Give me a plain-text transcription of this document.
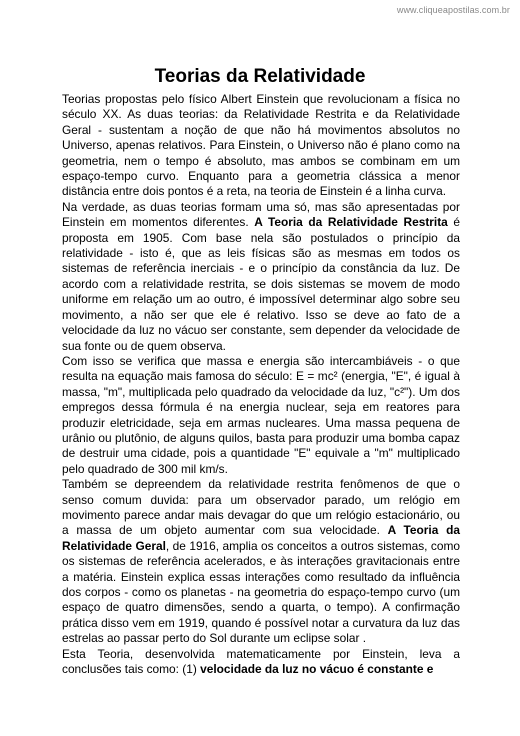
www.cliqueapostilas.com.br
Teorias da Relatividade

Teorias propostas pelo físico Albert Einstein que revolucionam a física no século XX. As duas teorias: da Relatividade Restrita e da Relatividade Geral - sustentam a noção de que não há movimentos absolutos no Universo, apenas relativos. Para Einstein, o Universo não é plano como na geometria, nem o tempo é absoluto, mas ambos se combinam em um espaço-tempo curvo. Enquanto para a geometria clássica a menor distância entre dois pontos é a reta, na teoria de Einstein é a linha curva.

Na verdade, as duas teorias formam uma só, mas são apresentadas por Einstein em momentos diferentes. A Teoria da Relatividade Restrita é proposta em 1905. Com base nela são postulados o princípio da relatividade - isto é, que as leis físicas são as mesmas em todos os sistemas de referência inerciais - e o princípio da constância da luz. De acordo com a relatividade restrita, se dois sistemas se movem de modo uniforme em relação um ao outro, é impossível determinar algo sobre seu movimento, a não ser que ele é relativo. Isso se deve ao fato de a velocidade da luz no vácuo ser constante, sem depender da velocidade de sua fonte ou de quem observa.

Com isso se verifica que massa e energia são intercambiáveis - o que resulta na equação mais famosa do século: E = mc² (energia, "E", é igual à massa, "m", multiplicada pelo quadrado da velocidade da luz, "c²"). Um dos empregos dessa fórmula é na energia nuclear, seja em reatores para produzir eletricidade, seja em armas nucleares. Uma massa pequena de urânio ou plutônio, de alguns quilos, basta para produzir uma bomba capaz de destruir uma cidade, pois a quantidade "E" equivale a "m" multiplicado pelo quadrado de 300 mil km/s.

Também se depreendem da relatividade restrita fenômenos de que o senso comum duvida: para um observador parado, um relógio em movimento parece andar mais devagar do que um relógio estacionário, ou a massa de um objeto aumentar com sua velocidade. A Teoria da Relatividade Geral, de 1916, amplia os conceitos a outros sistemas, como os sistemas de referência acelerados, e às interações gravitacionais entre a matéria. Einstein explica essas interações como resultado da influência dos corpos - como os planetas - na geometria do espaço-tempo curvo (um espaço de quatro dimensões, sendo a quarta, o tempo). A confirmação prática disso vem em 1919, quando é possível notar a curvatura da luz das estrelas ao passar perto do Sol durante um eclipse solar .

Esta Teoria, desenvolvida matematicamente por Einstein, leva a conclusões tais como: (1) velocidade da luz no vácuo é constante e
